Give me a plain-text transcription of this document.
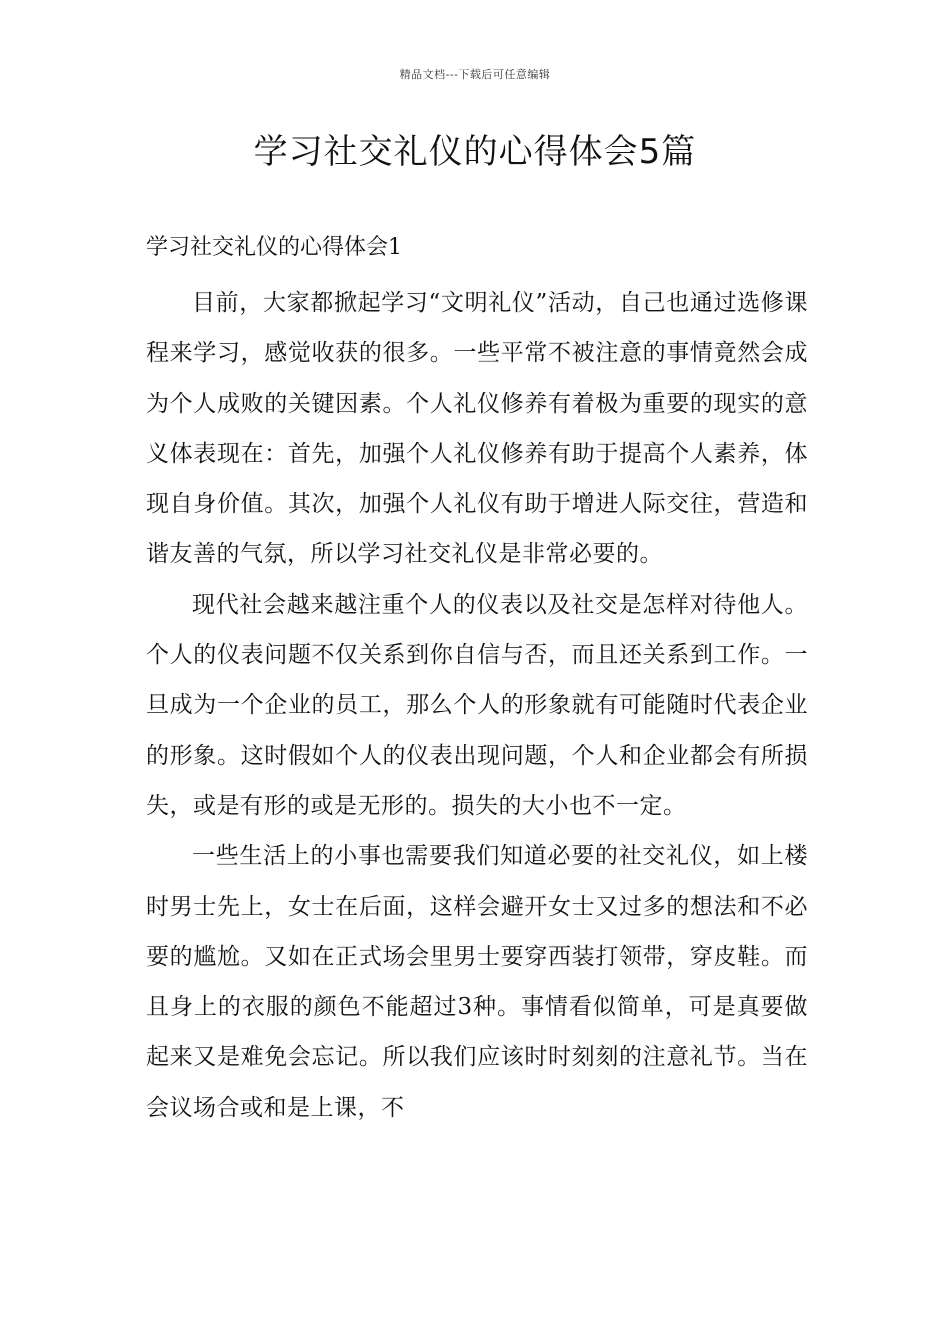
精品文档---下载后可任意编辑
学习社交礼仪的心得体会5篇
学习社交礼仪的心得体会1

目前，大家都掀起学习“文明礼仪”活动，自己也通过选修课程来学习，感觉收获的很多。一些平常不被注意的事情竟然会成为个人成败的关键因素。个人礼仪修养有着极为重要的现实的意义体表现在：首先，加强个人礼仪修养有助于提高个人素养，体现自身价值。其次，加强个人礼仪有助于增进人际交往，营造和谐友善的气氛，所以学习社交礼仪是非常必要的。

现代社会越来越注重个人的仪表以及社交是怎样对待他人。个人的仪表问题不仅关系到你自信与否，而且还关系到工作。一旦成为一个企业的员工，那么个人的形象就有可能随时代表企业的形象。这时假如个人的仪表出现问题，个人和企业都会有所损失，或是有形的或是无形的。损失的大小也不一定。

一些生活上的小事也需要我们知道必要的社交礼仪，如上楼时男士先上，女士在后面，这样会避开女士又过多的想法和不必要的尴尬。又如在正式场会里男士要穿西装打领带，穿皮鞋。而且身上的衣服的颜色不能超过3种。事情看似简单，可是真要做起来又是难免会忘记。所以我们应该时时刻刻的注意礼节。当在会议场合或和是上课，不
